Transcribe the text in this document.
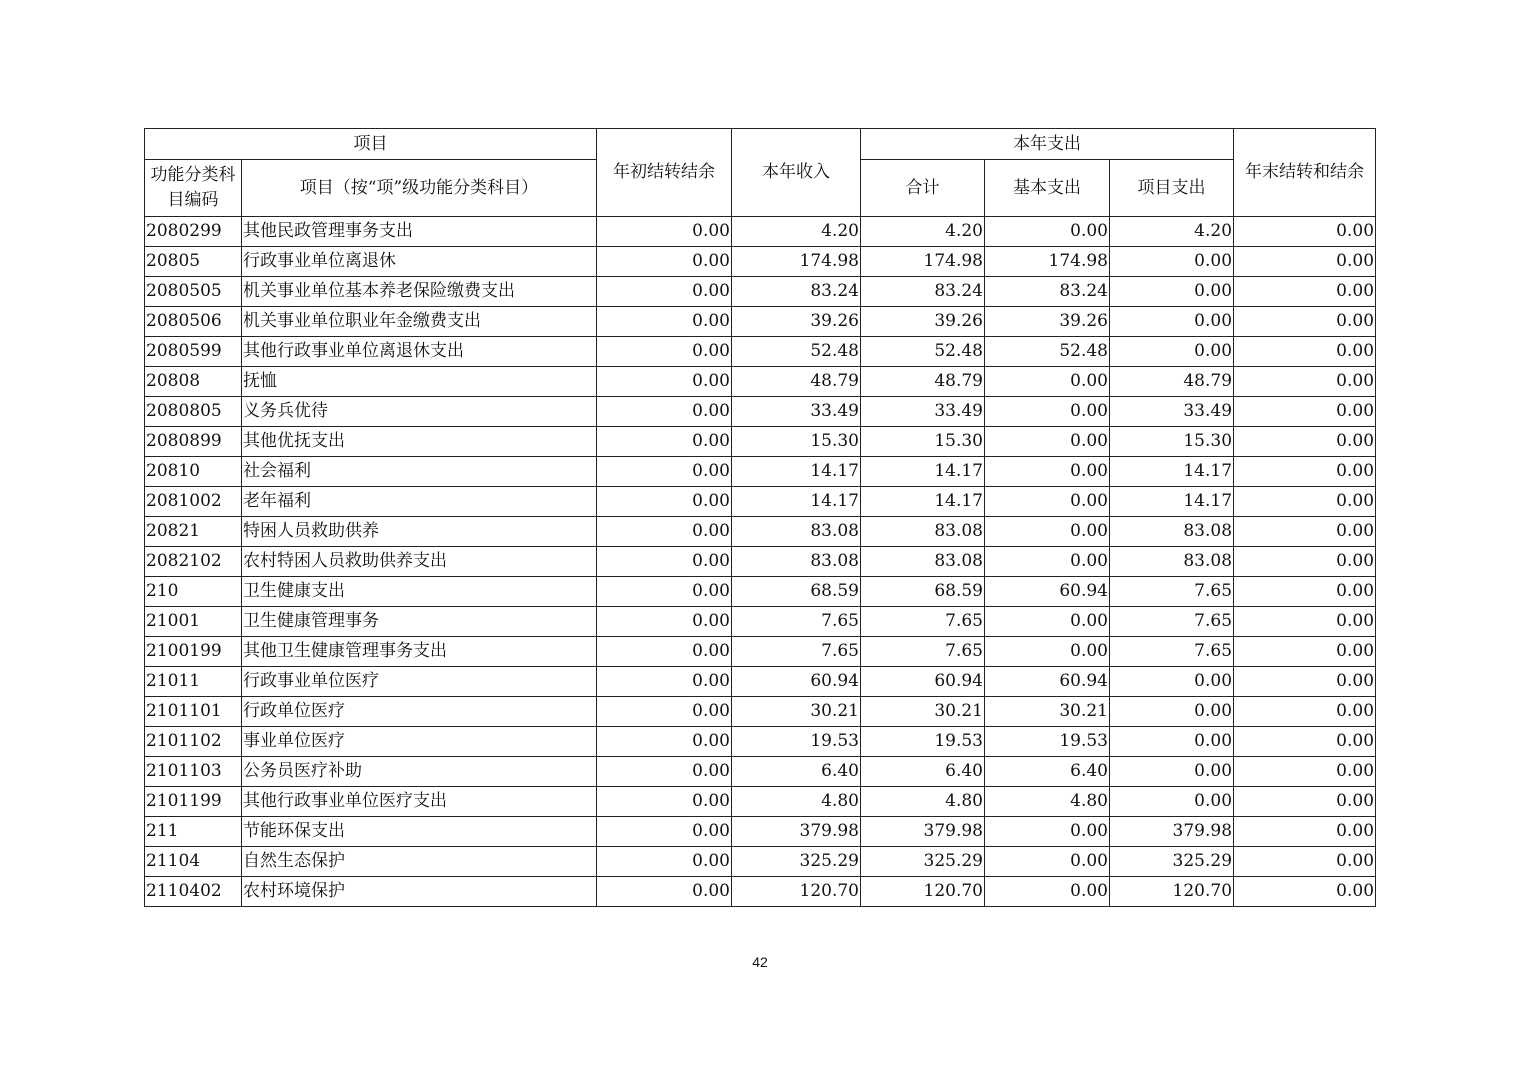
项目		年初结转结余	本年收入	本年支出			年末结转和结余
功能分类科目编码	项目（按“项”级功能分类科目）			合计	基本支出	项目支出	
2080299	其他民政管理事务支出	0.00	4.20	4.20	0.00	4.20	0.00
20805	行政事业单位离退休	0.00	174.98	174.98	174.98	0.00	0.00
2080505	机关事业单位基本养老保险缴费支出	0.00	83.24	83.24	83.24	0.00	0.00
2080506	机关事业单位职业年金缴费支出	0.00	39.26	39.26	39.26	0.00	0.00
2080599	其他行政事业单位离退休支出	0.00	52.48	52.48	52.48	0.00	0.00
20808	抚恤	0.00	48.79	48.79	0.00	48.79	0.00
2080805	义务兵优待	0.00	33.49	33.49	0.00	33.49	0.00
2080899	其他优抚支出	0.00	15.30	15.30	0.00	15.30	0.00
20810	社会福利	0.00	14.17	14.17	0.00	14.17	0.00
2081002	老年福利	0.00	14.17	14.17	0.00	14.17	0.00
20821	特困人员救助供养	0.00	83.08	83.08	0.00	83.08	0.00
2082102	农村特困人员救助供养支出	0.00	83.08	83.08	0.00	83.08	0.00
210	卫生健康支出	0.00	68.59	68.59	60.94	7.65	0.00
21001	卫生健康管理事务	0.00	7.65	7.65	0.00	7.65	0.00
2100199	其他卫生健康管理事务支出	0.00	7.65	7.65	0.00	7.65	0.00
21011	行政事业单位医疗	0.00	60.94	60.94	60.94	0.00	0.00
2101101	行政单位医疗	0.00	30.21	30.21	30.21	0.00	0.00
2101102	事业单位医疗	0.00	19.53	19.53	19.53	0.00	0.00
2101103	公务员医疗补助	0.00	6.40	6.40	6.40	0.00	0.00
2101199	其他行政事业单位医疗支出	0.00	4.80	4.80	4.80	0.00	0.00
211	节能环保支出	0.00	379.98	379.98	0.00	379.98	0.00
21104	自然生态保护	0.00	325.29	325.29	0.00	325.29	0.00
2110402	农村环境保护	0.00	120.70	120.70	0.00	120.70	0.00
42
